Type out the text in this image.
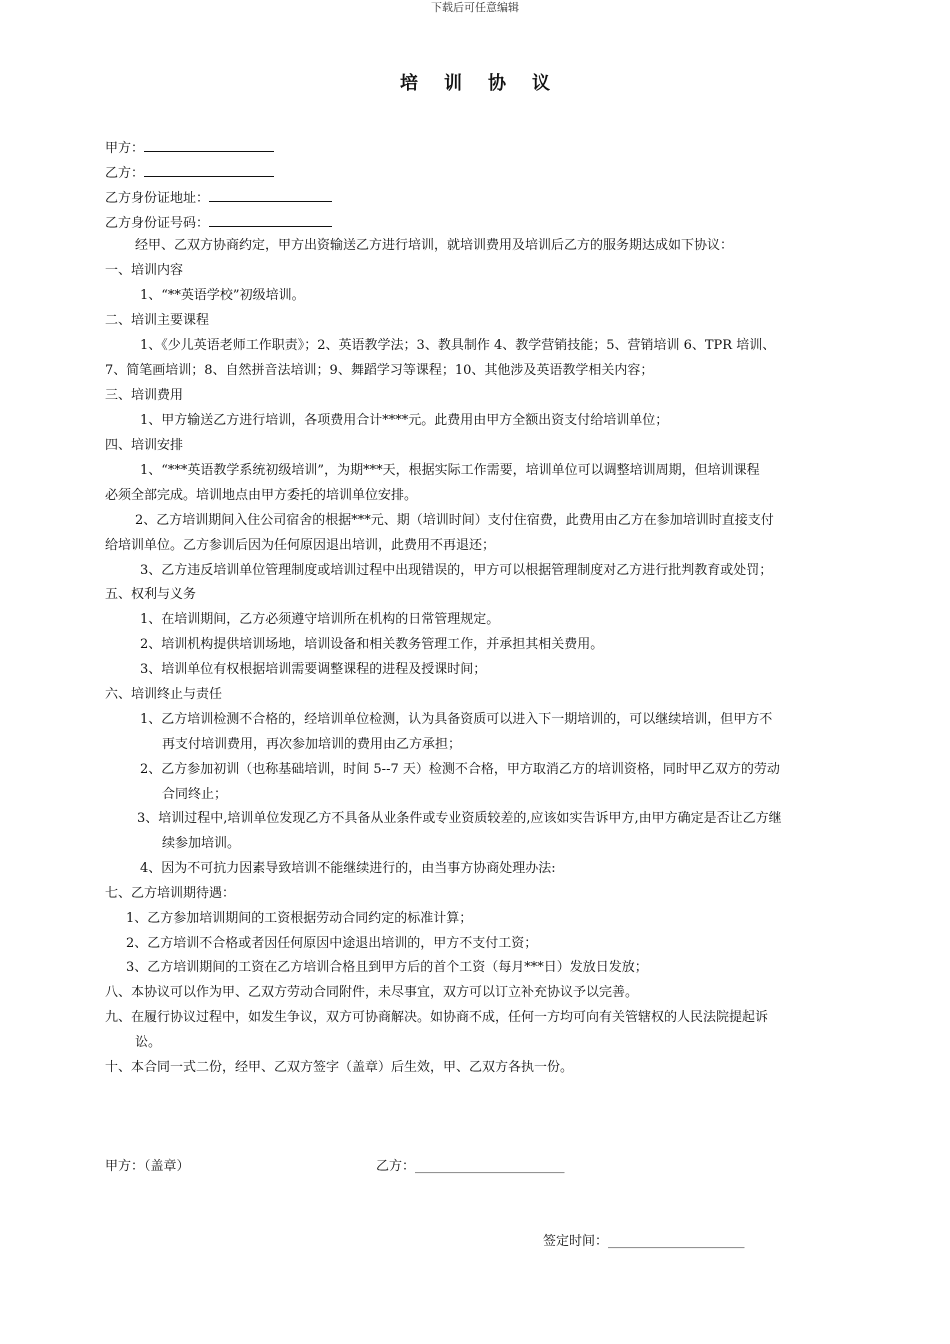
下载后可任意编辑
培训协议
甲方：
乙方：
乙方身份证地址：
乙方身份证号码：
经甲、乙双方协商约定，甲方出资输送乙方进行培训，就培训费用及培训后乙方的服务期达成如下协议：
一、培训内容
1、“**英语学校”初级培训。
二、培训主要课程
1、《少儿英语老师工作职责》；2、英语教学法；3、教具制作 4、教学营销技能；5、营销培训 6、TPR 培训、
7、简笔画培训；8、自然拼音法培训；9、舞蹈学习等课程；10、其他涉及英语教学相关内容；
三、培训费用
1、甲方输送乙方进行培训，各项费用合计****元。此费用由甲方全额出资支付给培训单位；
四、培训安排
1、“***英语教学系统初级培训”，为期***天，根据实际工作需要，培训单位可以调整培训周期，但培训课程
必须全部完成。培训地点由甲方委托的培训单位安排。
2、乙方培训期间入住公司宿舍的根据***元、期（培训时间）支付住宿费，此费用由乙方在参加培训时直接支付
给培训单位。乙方参训后因为任何原因退出培训，此费用不再退还；
3、乙方违反培训单位管理制度或培训过程中出现错误的，甲方可以根据管理制度对乙方进行批判教育或处罚；
五、权利与义务
1、在培训期间，乙方必须遵守培训所在机构的日常管理规定。
2、培训机构提供培训场地，培训设备和相关教务管理工作，并承担其相关费用。
3、培训单位有权根据培训需要调整课程的进程及授课时间；
六、培训终止与责任
1、乙方培训检测不合格的，经培训单位检测，认为具备资质可以进入下一期培训的，可以继续培训，但甲方不
再支付培训费用，再次参加培训的费用由乙方承担；
2、乙方参加初训（也称基础培训，时间 5--7 天）检测不合格，甲方取消乙方的培训资格，同时甲乙双方的劳动
合同终止；
3、培训过程中,培训单位发现乙方不具备从业条件或专业资质较差的,应该如实告诉甲方,由甲方确定是否让乙方继
续参加培训。
4、因为不可抗力因素导致培训不能继续进行的，由当事方协商处理办法:
七、乙方培训期待遇：
1、乙方参加培训期间的工资根据劳动合同约定的标准计算；
2、乙方培训不合格或者因任何原因中途退出培训的，甲方不支付工资；
3、乙方培训期间的工资在乙方培训合格且到甲方后的首个工资（每月***日）发放日发放；
八、本协议可以作为甲、乙双方劳动合同附件，未尽事宜，双方可以订立补充协议予以完善。
九、在履行协议过程中，如发生争议，双方可协商解决。如协商不成，任何一方均可向有关管辖权的人民法院提起诉
讼。
十、本合同一式二份，经甲、乙双方签字（盖章）后生效，甲、乙双方各执一份。
甲方：（盖章）	乙方：_______________________
签定时间：_____________________
